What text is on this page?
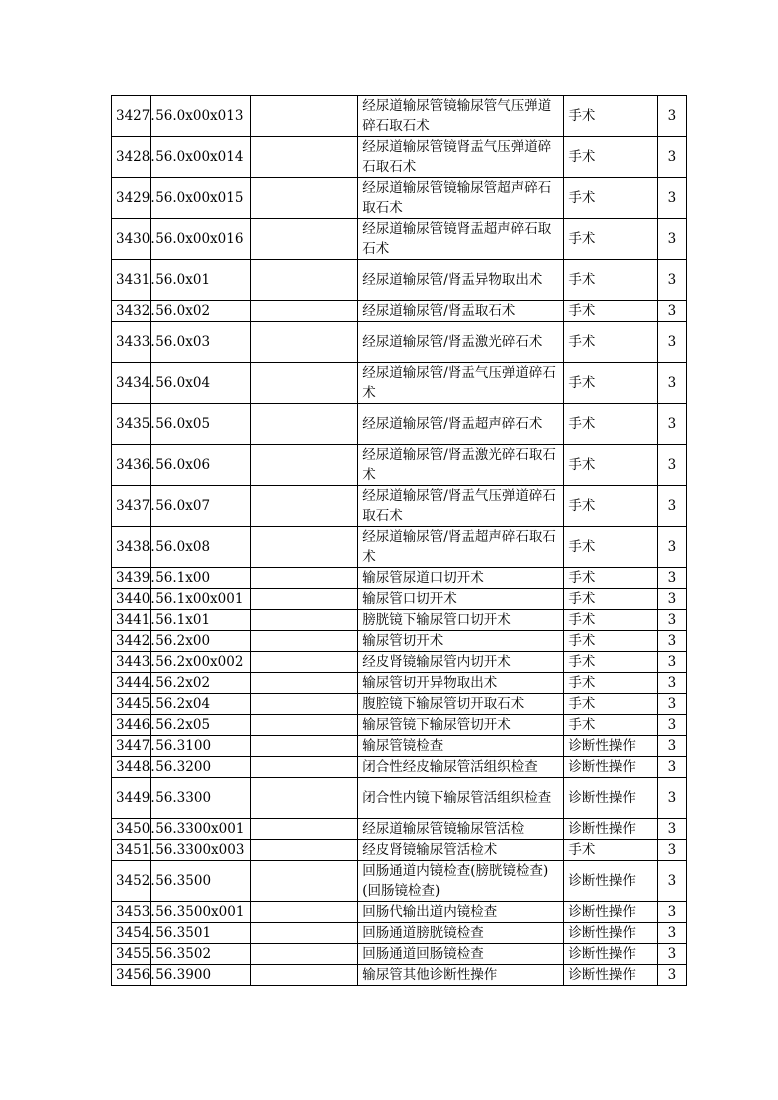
3427.	56.0x00x013		经尿道输尿管镜输尿管气压弹道碎石取石术	手术	3
3428.	56.0x00x014		经尿道输尿管镜肾盂气压弹道碎石取石术	手术	3
3429.	56.0x00x015		经尿道输尿管镜输尿管超声碎石取石术	手术	3
3430.	56.0x00x016		经尿道输尿管镜肾盂超声碎石取石术	手术	3
3431.	56.0x01		经尿道输尿管/肾盂异物取出术	手术	3
3432.	56.0x02		经尿道输尿管/肾盂取石术	手术	3
3433.	56.0x03		经尿道输尿管/肾盂激光碎石术	手术	3
3434.	56.0x04		经尿道输尿管/肾盂气压弹道碎石术	手术	3
3435.	56.0x05		经尿道输尿管/肾盂超声碎石术	手术	3
3436.	56.0x06		经尿道输尿管/肾盂激光碎石取石术	手术	3
3437.	56.0x07		经尿道输尿管/肾盂气压弹道碎石取石术	手术	3
3438.	56.0x08		经尿道输尿管/肾盂超声碎石取石术	手术	3
3439.	56.1x00		输尿管尿道口切开术	手术	3
3440.	56.1x00x001		输尿管口切开术	手术	3
3441.	56.1x01		膀胱镜下输尿管口切开术	手术	3
3442.	56.2x00		输尿管切开术	手术	3
3443.	56.2x00x002		经皮肾镜输尿管内切开术	手术	3
3444.	56.2x02		输尿管切开异物取出术	手术	3
3445.	56.2x04		腹腔镜下输尿管切开取石术	手术	3
3446.	56.2x05		输尿管镜下输尿管切开术	手术	3
3447.	56.3100		输尿管镜检查	诊断性操作	3
3448.	56.3200		闭合性经皮输尿管活组织检查	诊断性操作	3
3449.	56.3300		闭合性内镜下输尿管活组织检查	诊断性操作	3
3450.	56.3300x001		经尿道输尿管镜输尿管活检	诊断性操作	3
3451.	56.3300x003		经皮肾镜输尿管活检术	手术	3
3452.	56.3500		回肠通道内镜检查(膀胱镜检查)(回肠镜检查)	诊断性操作	3
3453.	56.3500x001		回肠代输出道内镜检查	诊断性操作	3
3454.	56.3501		回肠通道膀胱镜检查	诊断性操作	3
3455.	56.3502		回肠通道回肠镜检查	诊断性操作	3
3456.	56.3900		输尿管其他诊断性操作	诊断性操作	3
